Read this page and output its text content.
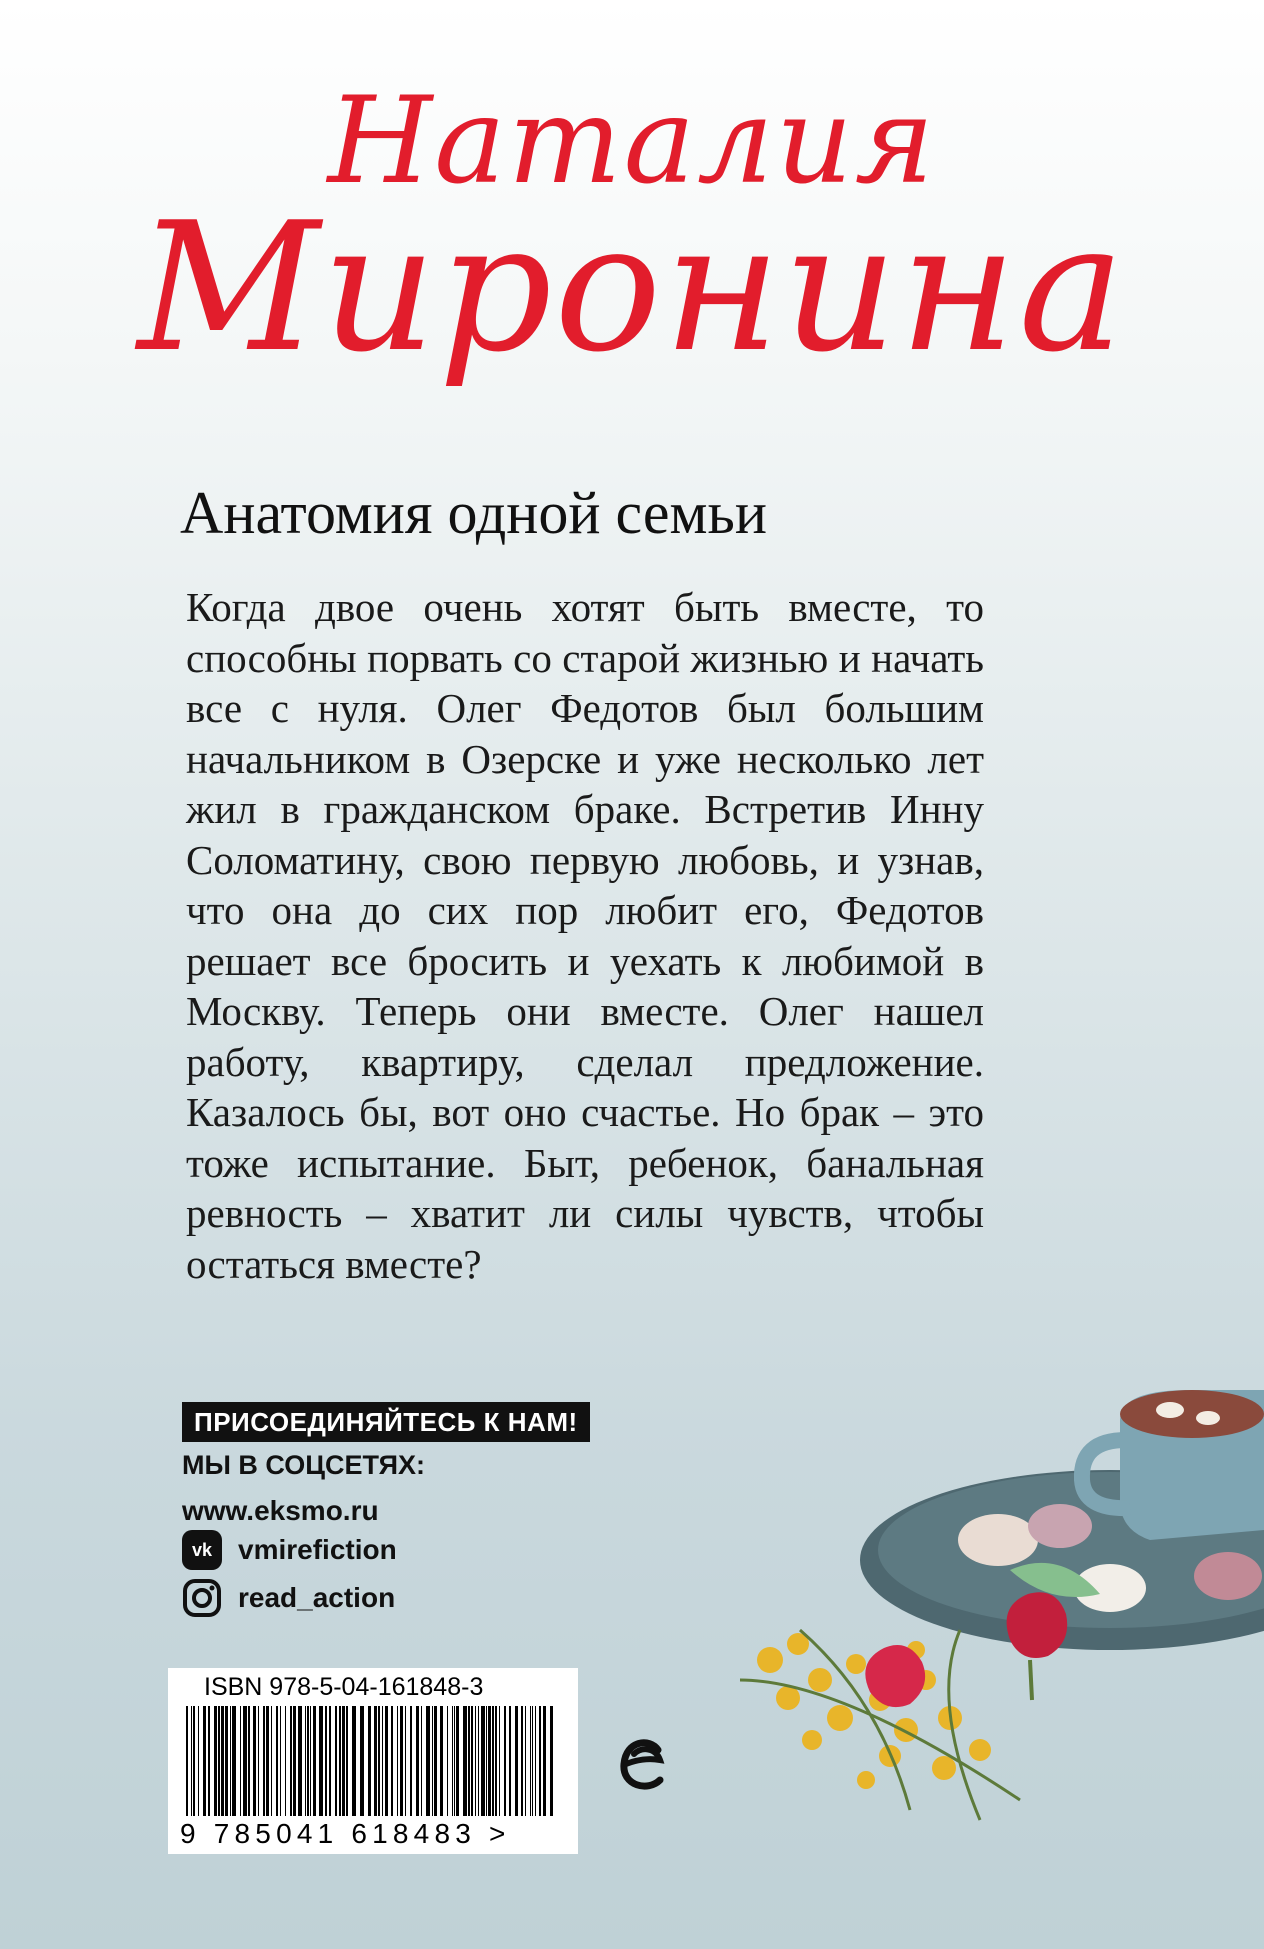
Наталия
Миронина
Анатомия одной семьи

Когда двое очень хотят быть вместе, то способны порвать со старой жизнью и начать все с нуля. Олег Федотов был большим начальником в Озерске и уже несколько лет жил в гражданском браке. Встретив Инну Соломатину, свою первую любовь, и узнав, что она до сих пор любит его, Федотов решает все бросить и уехать к любимой в Москву. Теперь они вместе. Олег нашел работу, квартиру, сделал предложение. Казалось бы, вот оно счастье. Но брак – это тоже испытание. Быт, ребенок, банальная ревность – хватит ли силы чувств, чтобы остаться вместе?

ПРИСОЕДИНЯЙТЕСЬ К НАМ!
МЫ В СОЦСЕТЯХ:
www.eksmo.ru
vk vmirefiction
read_action
ISBN 978-5-04-161848-3
9 785041 618483 >
